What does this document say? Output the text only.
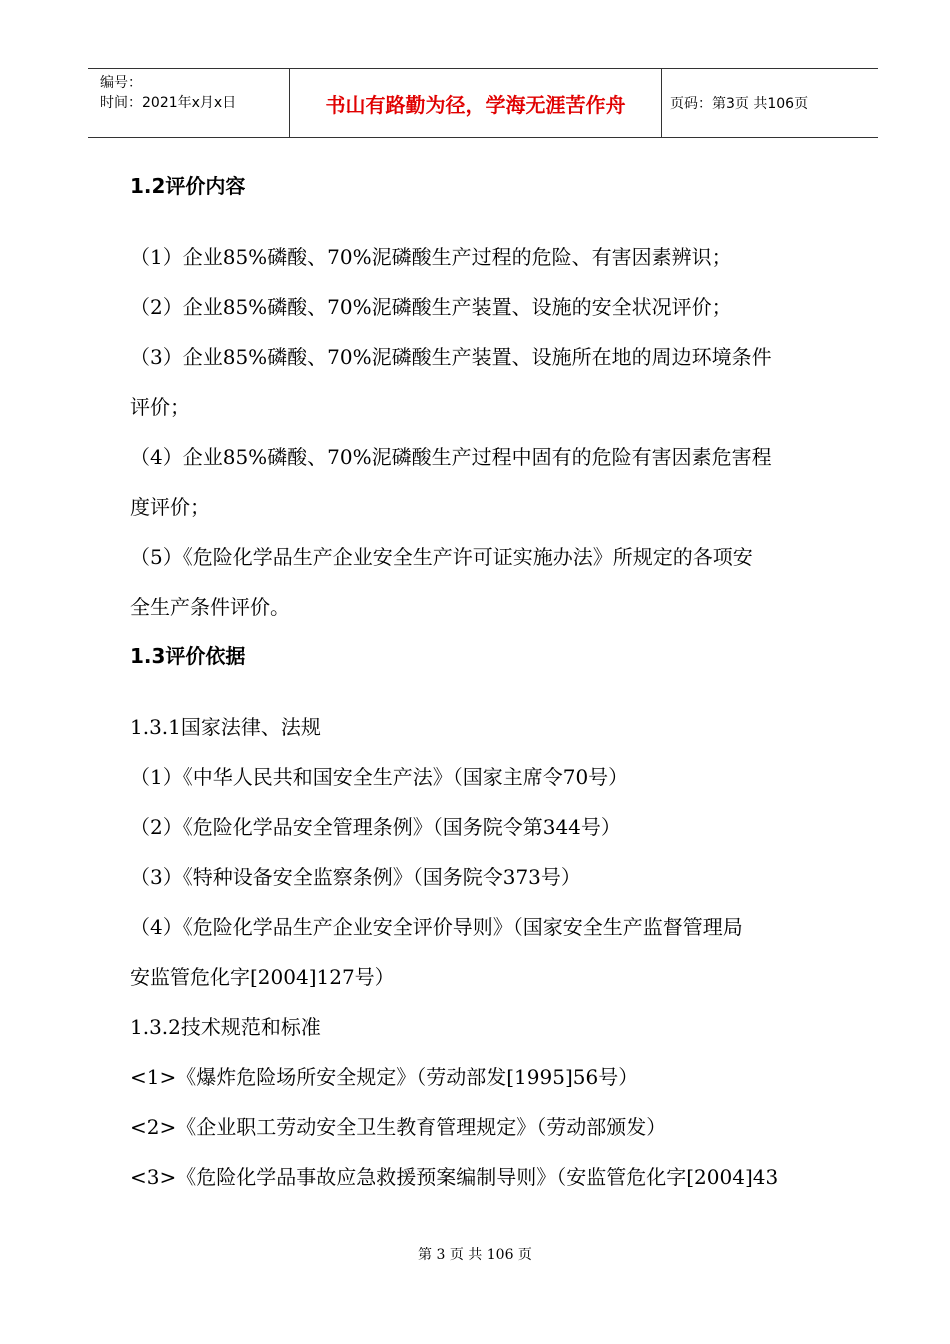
编号：
时间：2021年x月x日	书山有路勤为径，学海无涯苦作舟	页码：第3页 共106页
1.2评价内容
（1）企业85%磷酸、70%泥磷酸生产过程的危险、有害因素辨识；
（2）企业85%磷酸、70%泥磷酸生产装置、设施的安全状况评价；
（3）企业85%磷酸、70%泥磷酸生产装置、设施所在地的周边环境条件
评价；
（4）企业85%磷酸、70%泥磷酸生产过程中固有的危险有害因素危害程
度评价；
（5）《危险化学品生产企业安全生产许可证实施办法》所规定的各项安
全生产条件评价。
1.3评价依据
1.3.1国家法律、法规
（1）《中华人民共和国安全生产法》（国家主席令70号）
（2）《危险化学品安全管理条例》（国务院令第344号）
（3）《特种设备安全监察条例》（国务院令373号）
（4）《危险化学品生产企业安全评价导则》（国家安全生产监督管理局
安监管危化字[2004]127号）
1.3.2技术规范和标准
<1>《爆炸危险场所安全规定》（劳动部发[1995]56号）
<2>《企业职工劳动安全卫生教育管理规定》（劳动部颁发）
<3>《危险化学品事故应急救援预案编制导则》（安监管危化字[2004]43
第 3 页 共 106 页
